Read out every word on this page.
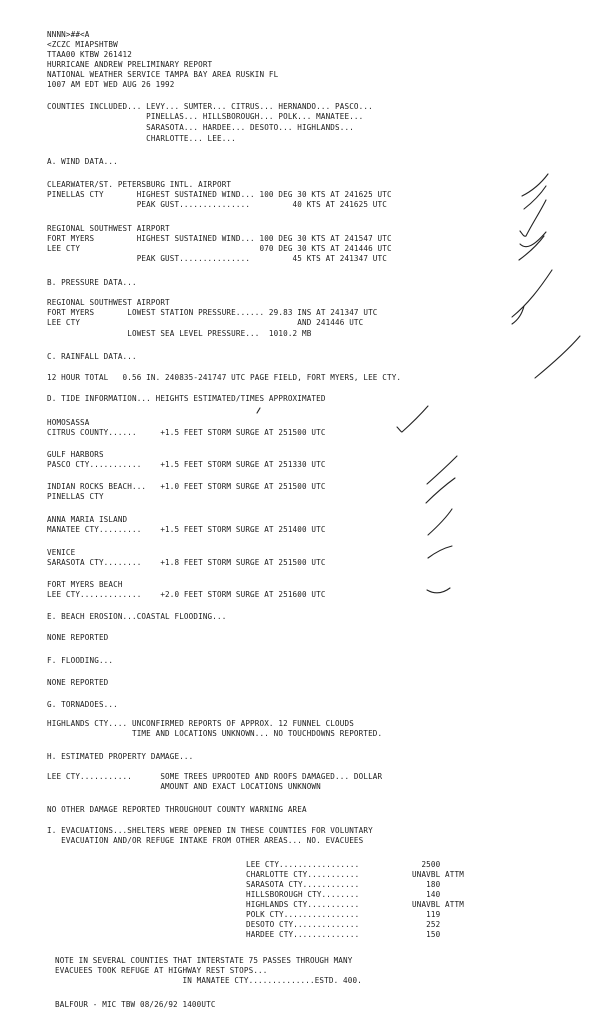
NNNN>##<A
<ZCZC MIAPSHTBW
TTAA00 KTBW 261412
HURRICANE ANDREW PRELIMINARY REPORT
NATIONAL WEATHER SERVICE TAMPA BAY AREA RUSKIN FL
1007 AM EDT WED AUG 26 1992
COUNTIES INCLUDED... LEVY... SUMTER... CITRUS... HERNANDO... PASCO...
PINELLAS... HILLSBOROUGH... POLK... MANATEE...
SARASOTA... HARDEE... DESOTO... HIGHLANDS...
CHARLOTTE... LEE...
A. WIND DATA...
CLEARWATER/ST. PETERSBURG INTL. AIRPORT
PINELLAS CTY       HIGHEST SUSTAINED WIND... 100 DEG 30 KTS AT 241625 UTC
PEAK GUST...............         40 KTS AT 241625 UTC
REGIONAL SOUTHWEST AIRPORT
FORT MYERS         HIGHEST SUSTAINED WIND... 100 DEG 30 KTS AT 241547 UTC
LEE CTY                                      070 DEG 30 KTS AT 241446 UTC
PEAK GUST...............         45 KTS AT 241347 UTC
B. PRESSURE DATA...
REGIONAL SOUTHWEST AIRPORT
FORT MYERS       LOWEST STATION PRESSURE...... 29.83 INS AT 241347 UTC
LEE CTY                                              AND 241446 UTC
LOWEST SEA LEVEL PRESSURE...  1010.2 MB
C. RAINFALL DATA...
12 HOUR TOTAL   0.56 IN. 240835-241747 UTC PAGE FIELD, FORT MYERS, LEE CTY.
D. TIDE INFORMATION... HEIGHTS ESTIMATED/TIMES APPROXIMATED
HOMOSASSA
CITRUS COUNTY......     +1.5 FEET STORM SURGE AT 251500 UTC
GULF HARBORS
PASCO CTY...........    +1.5 FEET STORM SURGE AT 251330 UTC
INDIAN ROCKS BEACH...   +1.0 FEET STORM SURGE AT 251500 UTC
PINELLAS CTY
ANNA MARIA ISLAND
MANATEE CTY.........    +1.5 FEET STORM SURGE AT 251400 UTC
VENICE
SARASOTA CTY........    +1.8 FEET STORM SURGE AT 251500 UTC
FORT MYERS BEACH
LEE CTY.............    +2.0 FEET STORM SURGE AT 251600 UTC
E. BEACH EROSION...COASTAL FLOODING...
NONE REPORTED
F. FLOODING...
NONE REPORTED
G. TORNADOES...
HIGHLANDS CTY.... UNCONFIRMED REPORTS OF APPROX. 12 FUNNEL CLOUDS
TIME AND LOCATIONS UNKNOWN... NO TOUCHDOWNS REPORTED.
H. ESTIMATED PROPERTY DAMAGE...
LEE CTY...........      SOME TREES UPROOTED AND ROOFS DAMAGED... DOLLAR
AMOUNT AND EXACT LOCATIONS UNKNOWN
NO OTHER DAMAGE REPORTED THROUGHOUT COUNTY WARNING AREA
I. EVACUATIONS...SHELTERS WERE OPENED IN THESE COUNTIES FOR VOLUNTARY
EVACUATION AND/OR REFUGE INTAKE FROM OTHER AREAS... NO. EVACUEES
LEE CTY.................	2500
CHARLOTTE CTY...........	UNAVBL ATTM
SARASOTA CTY............	180
HILLSBOROUGH CTY........	140
HIGHLANDS CTY...........	UNAVBL ATTM
POLK CTY................	119
DESOTO CTY..............	252
HARDEE CTY..............	150
NOTE IN SEVERAL COUNTIES THAT INTERSTATE 75 PASSES THROUGH MANY
EVACUEES TOOK REFUGE AT HIGHWAY REST STOPS...
IN MANATEE CTY..............ESTD. 400.
BALFOUR - MIC TBW 08/26/92 1400UTC
